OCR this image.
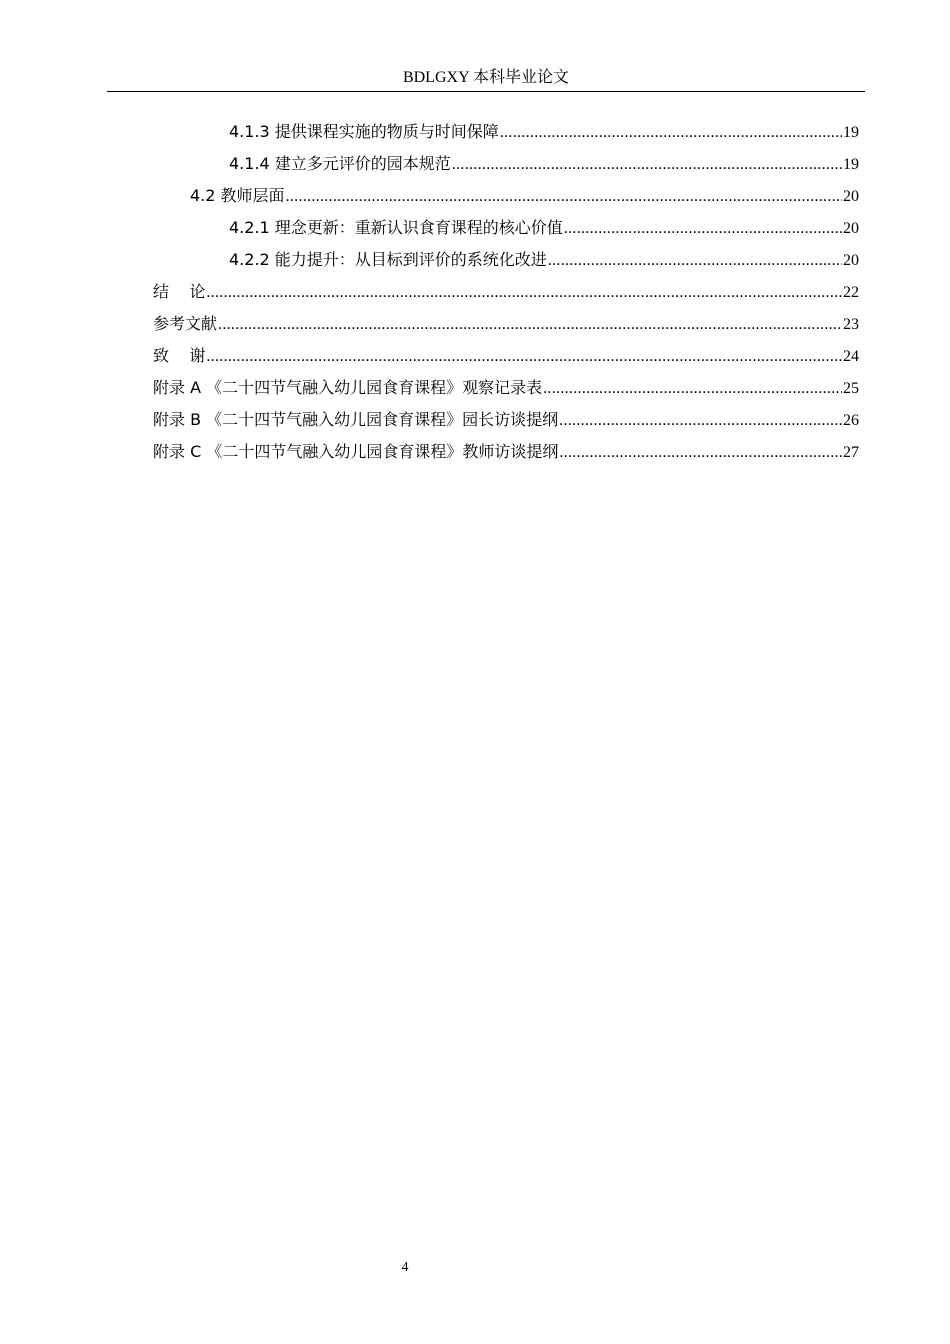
BDLGXY 本科毕业论文
4.1.3 提供课程实施的物质与时间保障 .....	19
4.1.4 建立多元评价的园本规范 .....	19
4.2 教师层面 .....	20
4.2.1 理念更新：重新认识食育课程的核心价值 .....	20
4.2.2 能力提升：从目标到评价的系统化改进 .....	20
结    论 .....	22
参考文献 .....	23
致    谢 .....	24
附录 A 《二十四节气融入幼儿园食育课程》观察记录表 .....	25
附录 B 《二十四节气融入幼儿园食育课程》园长访谈提纲 .....	26
附录 C 《二十四节气融入幼儿园食育课程》教师访谈提纲 .....	27
4
